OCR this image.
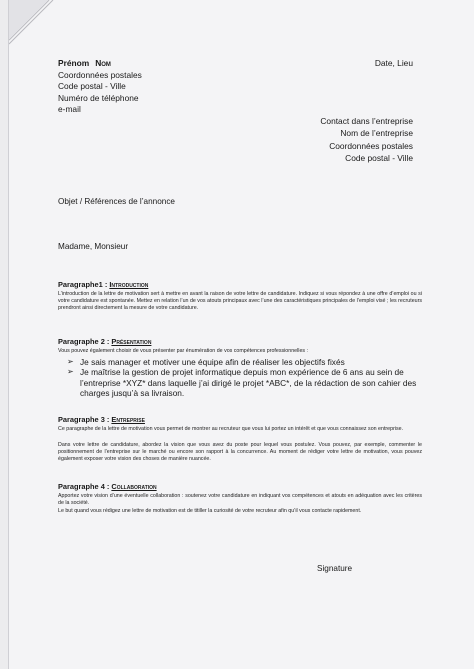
Prénom Nom
Coordonnées postales
Code postal - Ville
Numéro de téléphone
e-mail
Date, Lieu
Contact dans l’entreprise
Nom de l’entreprise
Coordonnées postales
Code postal - Ville
Objet / Références de l’annonce
Madame, Monsieur
Paragraphe1 : Introduction
L’introduction de la lettre de motivation sert à mettre en avant la raison de votre lettre de candidature. Indiquez si vous répondez à une offre d’emploi ou si votre candidature est spontanée. Mettez en relation l’un de vos atouts principaux avec l’une des caractéristiques principales de l’emploi visé ; les recruteurs prendront ainsi directement la mesure de votre candidature.
Paragraphe 2 : Présentation
Vous pouvez également choisir de vous présenter par énumération de vos compétences professionnelles :
➢ Je sais manager et motiver une équipe afin de réaliser les objectifs fixés
➢ Je maîtrise la gestion de projet informatique depuis mon expérience de 6 ans au sein de l’entreprise *XYZ* dans laquelle j’ai dirigé le projet *ABC*, de la rédaction de son cahier des charges jusqu’à sa livraison.
Paragraphe 3 : Entreprise
Ce paragraphe de la lettre de motivation vous permet de montrer au recruteur que vous lui portez un intérêt et que vous connaissez son entreprise.
Dans votre lettre de candidature, abordez la vision que vous avez du poste pour lequel vous postulez. Vous pouvez, par exemple, commenter le positionnement de l’entreprise sur le marché ou encore son rapport à la concurrence. Au moment de rédiger votre lettre de motivation, vous pouvez également exposer votre vision des choses de manière nuancée.
Paragraphe 4 : Collaboration
Apportez votre vision d’une éventuelle collaboration : soutenez votre candidature en indiquant vos compétences et atouts en adéquation avec les critères de la société.
Le but quand vous rédigez une lettre de motivation est de titiller la curiosité de votre recruteur afin qu’il vous contacte rapidement.
Signature
